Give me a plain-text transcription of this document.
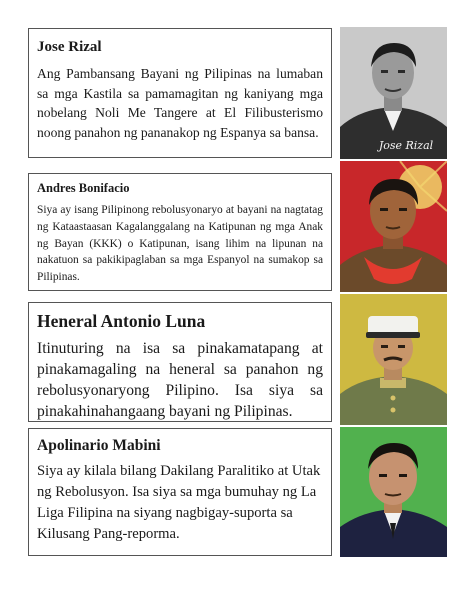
Jose Rizal

Ang Pambansang Bayani ng Pilipinas na lumaban sa mga Kastila sa pamamagitan ng kaniyang mga nobelang Noli Me Tangere at El Filibusterismo noong panahon ng pananakop ng Espanya sa bansa.

Jose Rizal
Andres Bonifacio

Siya ay isang Pilipinong rebolusyonaryo at bayani na nagtatag ng Kataastaasan Kagalanggalang na Katipunan ng mga Anak ng Bayan (KKK) o Katipunan, isang lihim na lipunan na nakatuon sa pakikipaglaban sa mga Espanyol na sumakop sa Pilipinas.

Heneral Antonio Luna

Itinuturing na isa sa pinakamatapang at pinakamagaling na heneral sa panahon ng rebolusyonaryong Pilipino. Isa siya sa pinakahinahangaang bayani ng Pilipinas.

Apolinario Mabini

Siya ay kilala bilang Dakilang Paralitiko at Utak ng Rebolusyon. Isa siya sa mga bumuhay ng La Liga Filipina na siyang nagbigay-suporta sa Kilusang Pang-reporma.
